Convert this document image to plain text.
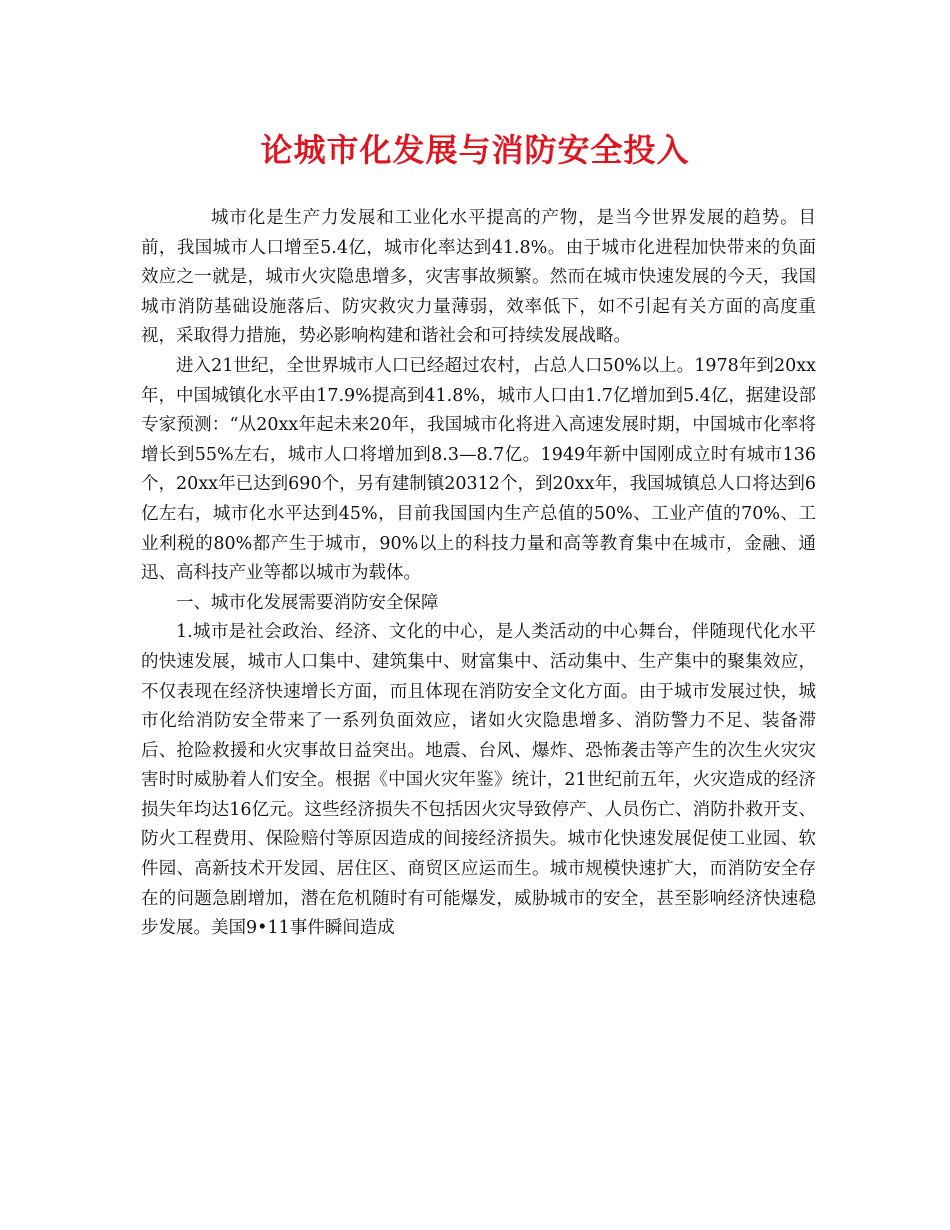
论城市化发展与消防安全投入

城市化是生产力发展和工业化水平提高的产物，是当今世界发展的趋势。目前，我国城市人口增至5.4亿，城市化率达到41.8%。由于城市化进程加快带来的负面效应之一就是，城市火灾隐患增多，灾害事故频繁。然而在城市快速发展的今天，我国城市消防基础设施落后、防灾救灾力量薄弱，效率低下，如不引起有关方面的高度重视，采取得力措施，势必影响构建和谐社会和可持续发展战略。

进入21世纪，全世界城市人口已经超过农村，占总人口50%以上。1978年到20xx年，中国城镇化水平由17.9%提高到41.8%，城市人口由1.7亿增加到5.4亿，据建设部专家预测：“从20xx年起未来20年，我国城市化将进入高速发展时期，中国城市化率将增长到55%左右，城市人口将增加到8.3—8.7亿。1949年新中国刚成立时有城市136个，20xx年已达到690个，另有建制镇20312个，到20xx年，我国城镇总人口将达到6亿左右，城市化水平达到45%，目前我国国内生产总值的50%、工业产值的70%、工业利税的80%都产生于城市，90%以上的科技力量和高等教育集中在城市，金融、通迅、高科技产业等都以城市为载体。

一、城市化发展需要消防安全保障

1.城市是社会政治、经济、文化的中心，是人类活动的中心舞台，伴随现代化水平的快速发展，城市人口集中、建筑集中、财富集中、活动集中、生产集中的聚集效应，不仅表现在经济快速增长方面，而且体现在消防安全文化方面。由于城市发展过快，城市化给消防安全带来了一系列负面效应，诸如火灾隐患增多、消防警力不足、装备滞后、抢险救援和火灾事故日益突出。地震、台风、爆炸、恐怖袭击等产生的次生火灾灾害时时威胁着人们安全。根据《中国火灾年鉴》统计，21世纪前五年，火灾造成的经济损失年均达16亿元。这些经济损失不包括因火灾导致停产、人员伤亡、消防扑救开支、防火工程费用、保险赔付等原因造成的间接经济损失。城市化快速发展促使工业园、软件园、高新技术开发园、居住区、商贸区应运而生。城市规模快速扩大，而消防安全存在的问题急剧增加，潜在危机随时有可能爆发，威胁城市的安全，甚至影响经济快速稳步发展。美国9•11事件瞬间造成
